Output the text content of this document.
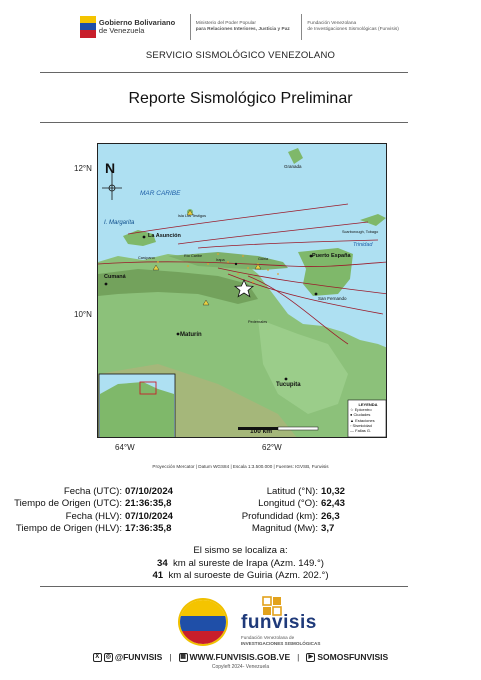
Gobierno Bolivariano
de Venezuela
Ministerio del Poder Popular
para Relaciones Interiores, Justicia y Paz
Fundación Venezolana
de Investigaciones Sismológicas (Funvisis)
SERVICIO SISMOLÓGICO VENEZOLANO
Reporte Sismológico Preliminar
12°N
10°N
64°W	62°W
N
MAR CARIBE
I. Margarita
La Asunción
Cumaná
Maturín
Tucupita
Puerto España
Trinidad
San Fernando
Scarborough, Tobago
Granada
Isla Los Testigos
Güiria
Irapa
Carúpano	Río Caribe
Pedernales
100 km
LEYENDA
☆ Epicentro
● Ciudades
▲ Estaciones
◦ Sismicidad
— Fallas G.
Proyección Mercator | Datum WGS84 | Escala 1:3.500.000 | Fuentes: IGVSB, Funvisis
Fecha (UTC): 07/10/2024
Tiempo de Origen (UTC): 21:36:35,8
Fecha (HLV): 07/10/2024
Tiempo de Origen (HLV): 17:36:35,8
Latitud (°N): 10,32
Longitud (°O): 62,43
Profundidad (km): 26,3
Magnitud (Mw): 3,7
El sismo se localiza a:
34 km al sureste de Irapa (Azm. 149.°)
41 km al suroeste de Guiria (Azm. 202.°)
funvisis
Fundación Venezolana de
INVESTIGACIONES SISMOLÓGICAS
X	◎ @FUNVISIS | ▦ WWW.FUNVISIS.GOB.VE |	▶ SOMOSFUNVISIS
Copyleft 2024- Venezuela
